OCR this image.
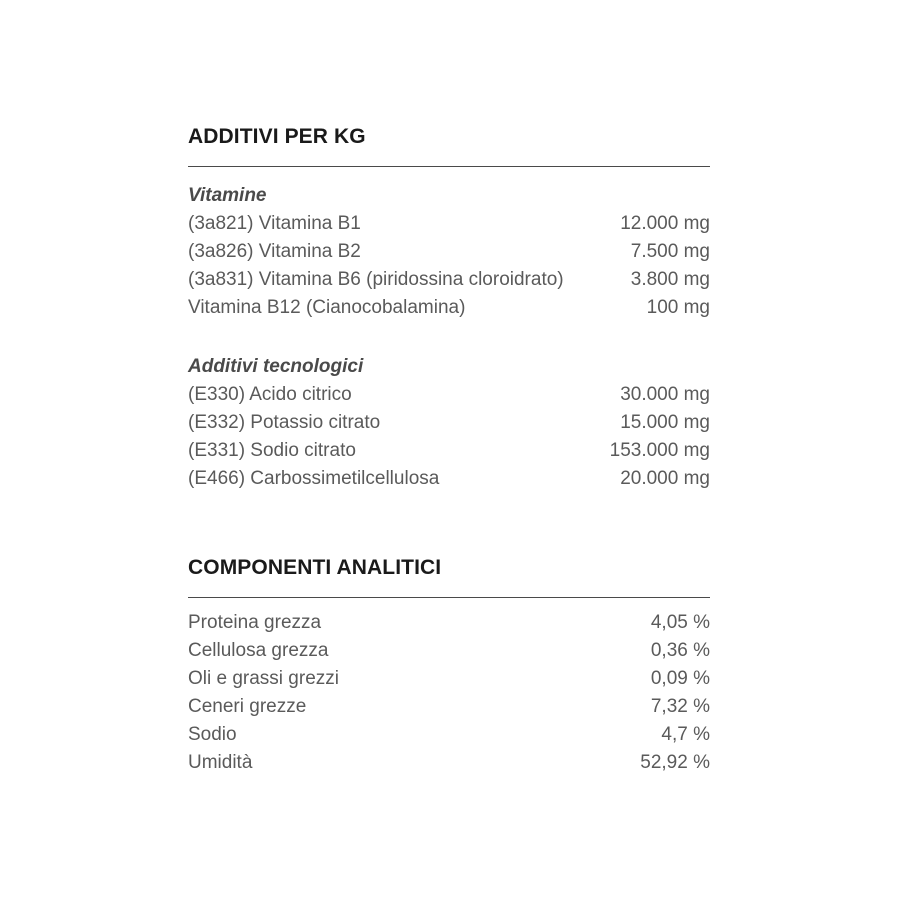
ADDITIVI PER KG
Vitamine
(3a821) Vitamina B1	12.000 mg
(3a826) Vitamina B2	7.500 mg
(3a831) Vitamina B6 (piridossina cloroidrato)	3.800 mg
Vitamina B12 (Cianocobalamina)	100 mg
Additivi tecnologici
(E330) Acido citrico	30.000 mg
(E332) Potassio citrato	15.000 mg
(E331) Sodio citrato	153.000 mg
(E466) Carbossimetilcellulosa	20.000 mg
COMPONENTI ANALITICI
Proteina grezza	4,05 %
Cellulosa grezza	0,36 %
Oli e grassi grezzi	0,09 %
Ceneri grezze	7,32 %
Sodio	4,7 %
Umidità	52,92 %
